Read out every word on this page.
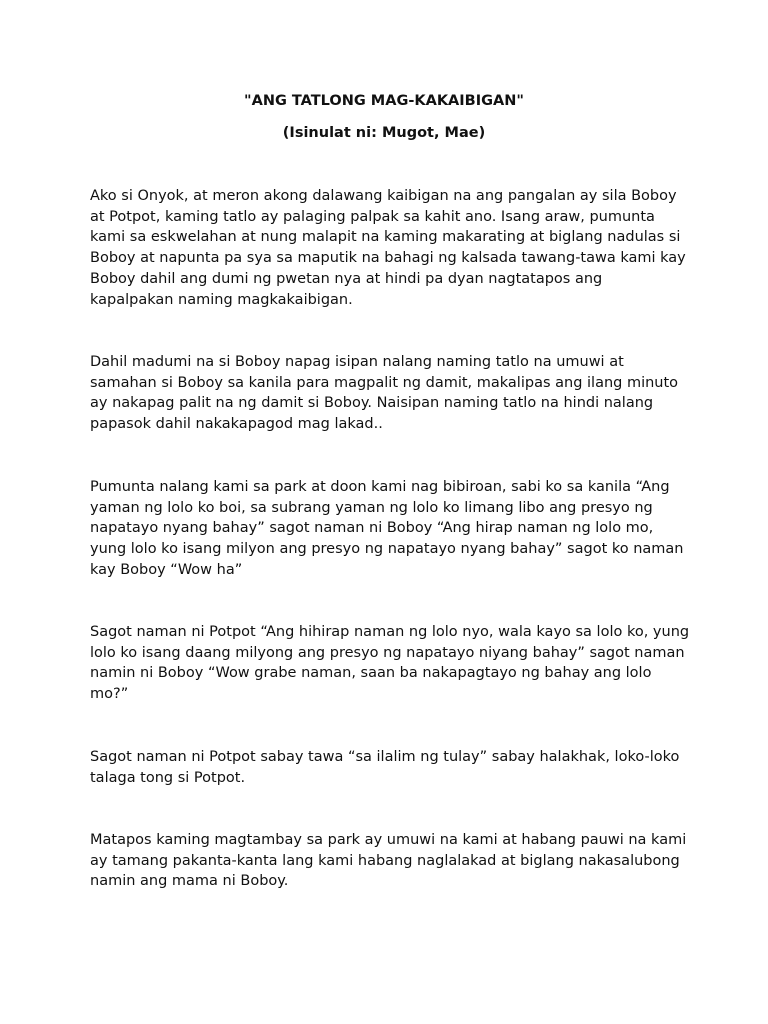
"ANG TATLONG MAG-KAKAIBIGAN"
(Isinulat ni: Mugot, Mae)

Ako si Onyok, at meron akong dalawang kaibigan na ang pangalan ay sila Boboy at Potpot, kaming tatlo ay palaging palpak sa kahit ano. Isang araw, pumunta kami sa eskwelahan at nung malapit na kaming makarating at biglang nadulas si Boboy at napunta pa sya sa maputik na bahagi ng kalsada tawang-tawa kami kay Boboy dahil ang dumi ng pwetan nya at hindi pa dyan nagtatapos ang kapalpakan naming magkakaibigan.

Dahil madumi na si Boboy napag isipan nalang naming tatlo na umuwi at samahan si Boboy sa kanila para magpalit ng damit, makalipas ang ilang minuto ay nakapag palit na ng damit si Boboy. Naisipan naming tatlo na hindi nalang papasok dahil nakakapagod mag lakad..

Pumunta nalang kami sa park at doon kami nag bibiroan, sabi ko sa kanila “Ang yaman ng lolo ko boi, sa subrang yaman ng lolo ko limang libo ang presyo ng napatayo nyang bahay” sagot naman ni Boboy “Ang hirap naman ng lolo mo, yung lolo ko isang milyon ang presyo ng napatayo nyang bahay” sagot ko naman kay Boboy “Wow ha”

Sagot naman ni Potpot “Ang hihirap naman ng lolo nyo, wala kayo sa lolo ko, yung lolo ko isang daang milyong ang presyo ng napatayo niyang bahay” sagot naman namin ni Boboy “Wow grabe naman, saan ba nakapagtayo ng bahay ang lolo mo?”

Sagot naman ni Potpot sabay tawa “sa ilalim ng tulay” sabay halakhak, loko-loko talaga tong si Potpot.

Matapos kaming magtambay sa park ay umuwi na kami at habang pauwi na kami ay tamang pakanta-kanta lang kami habang naglalakad at biglang nakasalubong namin ang mama ni Boboy.
